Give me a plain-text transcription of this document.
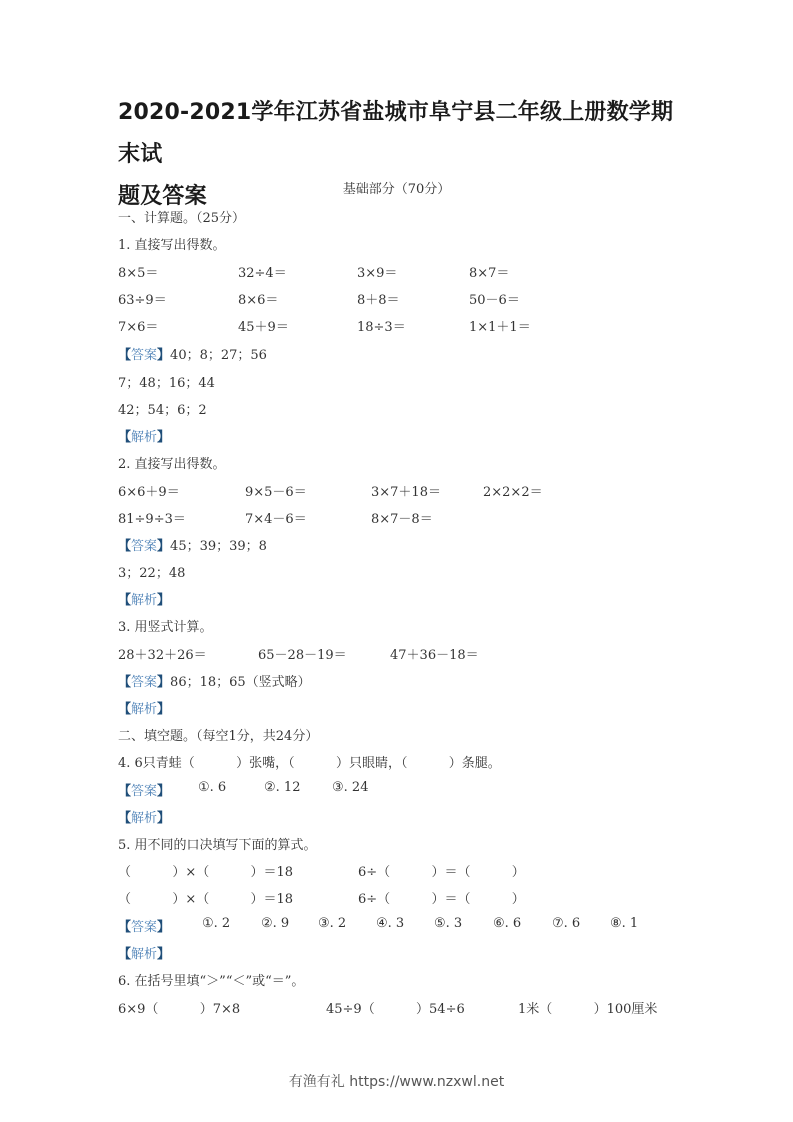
2020-2021学年江苏省盐城市阜宁县二年级上册数学期末试
题及答案	基础部分（70分）
一、计算题。（25分）
1. 直接写出得数。
8×5＝	32÷4＝	3×9＝	8×7＝
63÷9＝	8×6＝	8＋8＝	50－6＝
7×6＝	45＋9＝	18÷3＝	1×1＋1＝
【答案】40；8；27；56
7；48；16；44
42；54；6；2
【解析】
2. 直接写出得数。
6×6＋9＝	9×5－6＝	3×7＋18＝	2×2×2＝
81÷9÷3＝	7×4－6＝	8×7－8＝
【答案】45；39；39；8
3；22；48
【解析】
3. 用竖式计算。
28＋32＋26＝	65－28－19＝	47＋36－18＝
【答案】86；18；65（竖式略）
【解析】
二、填空题。（每空1分，共24分）
4. 6只青蛙（          ）张嘴，（          ）只眼睛，（          ）条腿。
【答案】 ①. 6	②. 12 ③. 24
【解析】
5. 用不同的口决填写下面的算式。
（          ）×（          ）＝18	6÷（          ）＝（          ）
（          ）×（          ）＝18	6÷（          ）＝（          ）
【答案】 ①. 2 ②. 9 ③. 2 ④. 3 ⑤. 3 ⑥. 6 ⑦. 6 ⑧. 1
【解析】
6. 在括号里填“＞”“＜”或“＝”。
6×9（          ）7×8	45÷9（          ）54÷6	1米（          ）100厘米
有渔有礼 https://www.nzxwl.net
